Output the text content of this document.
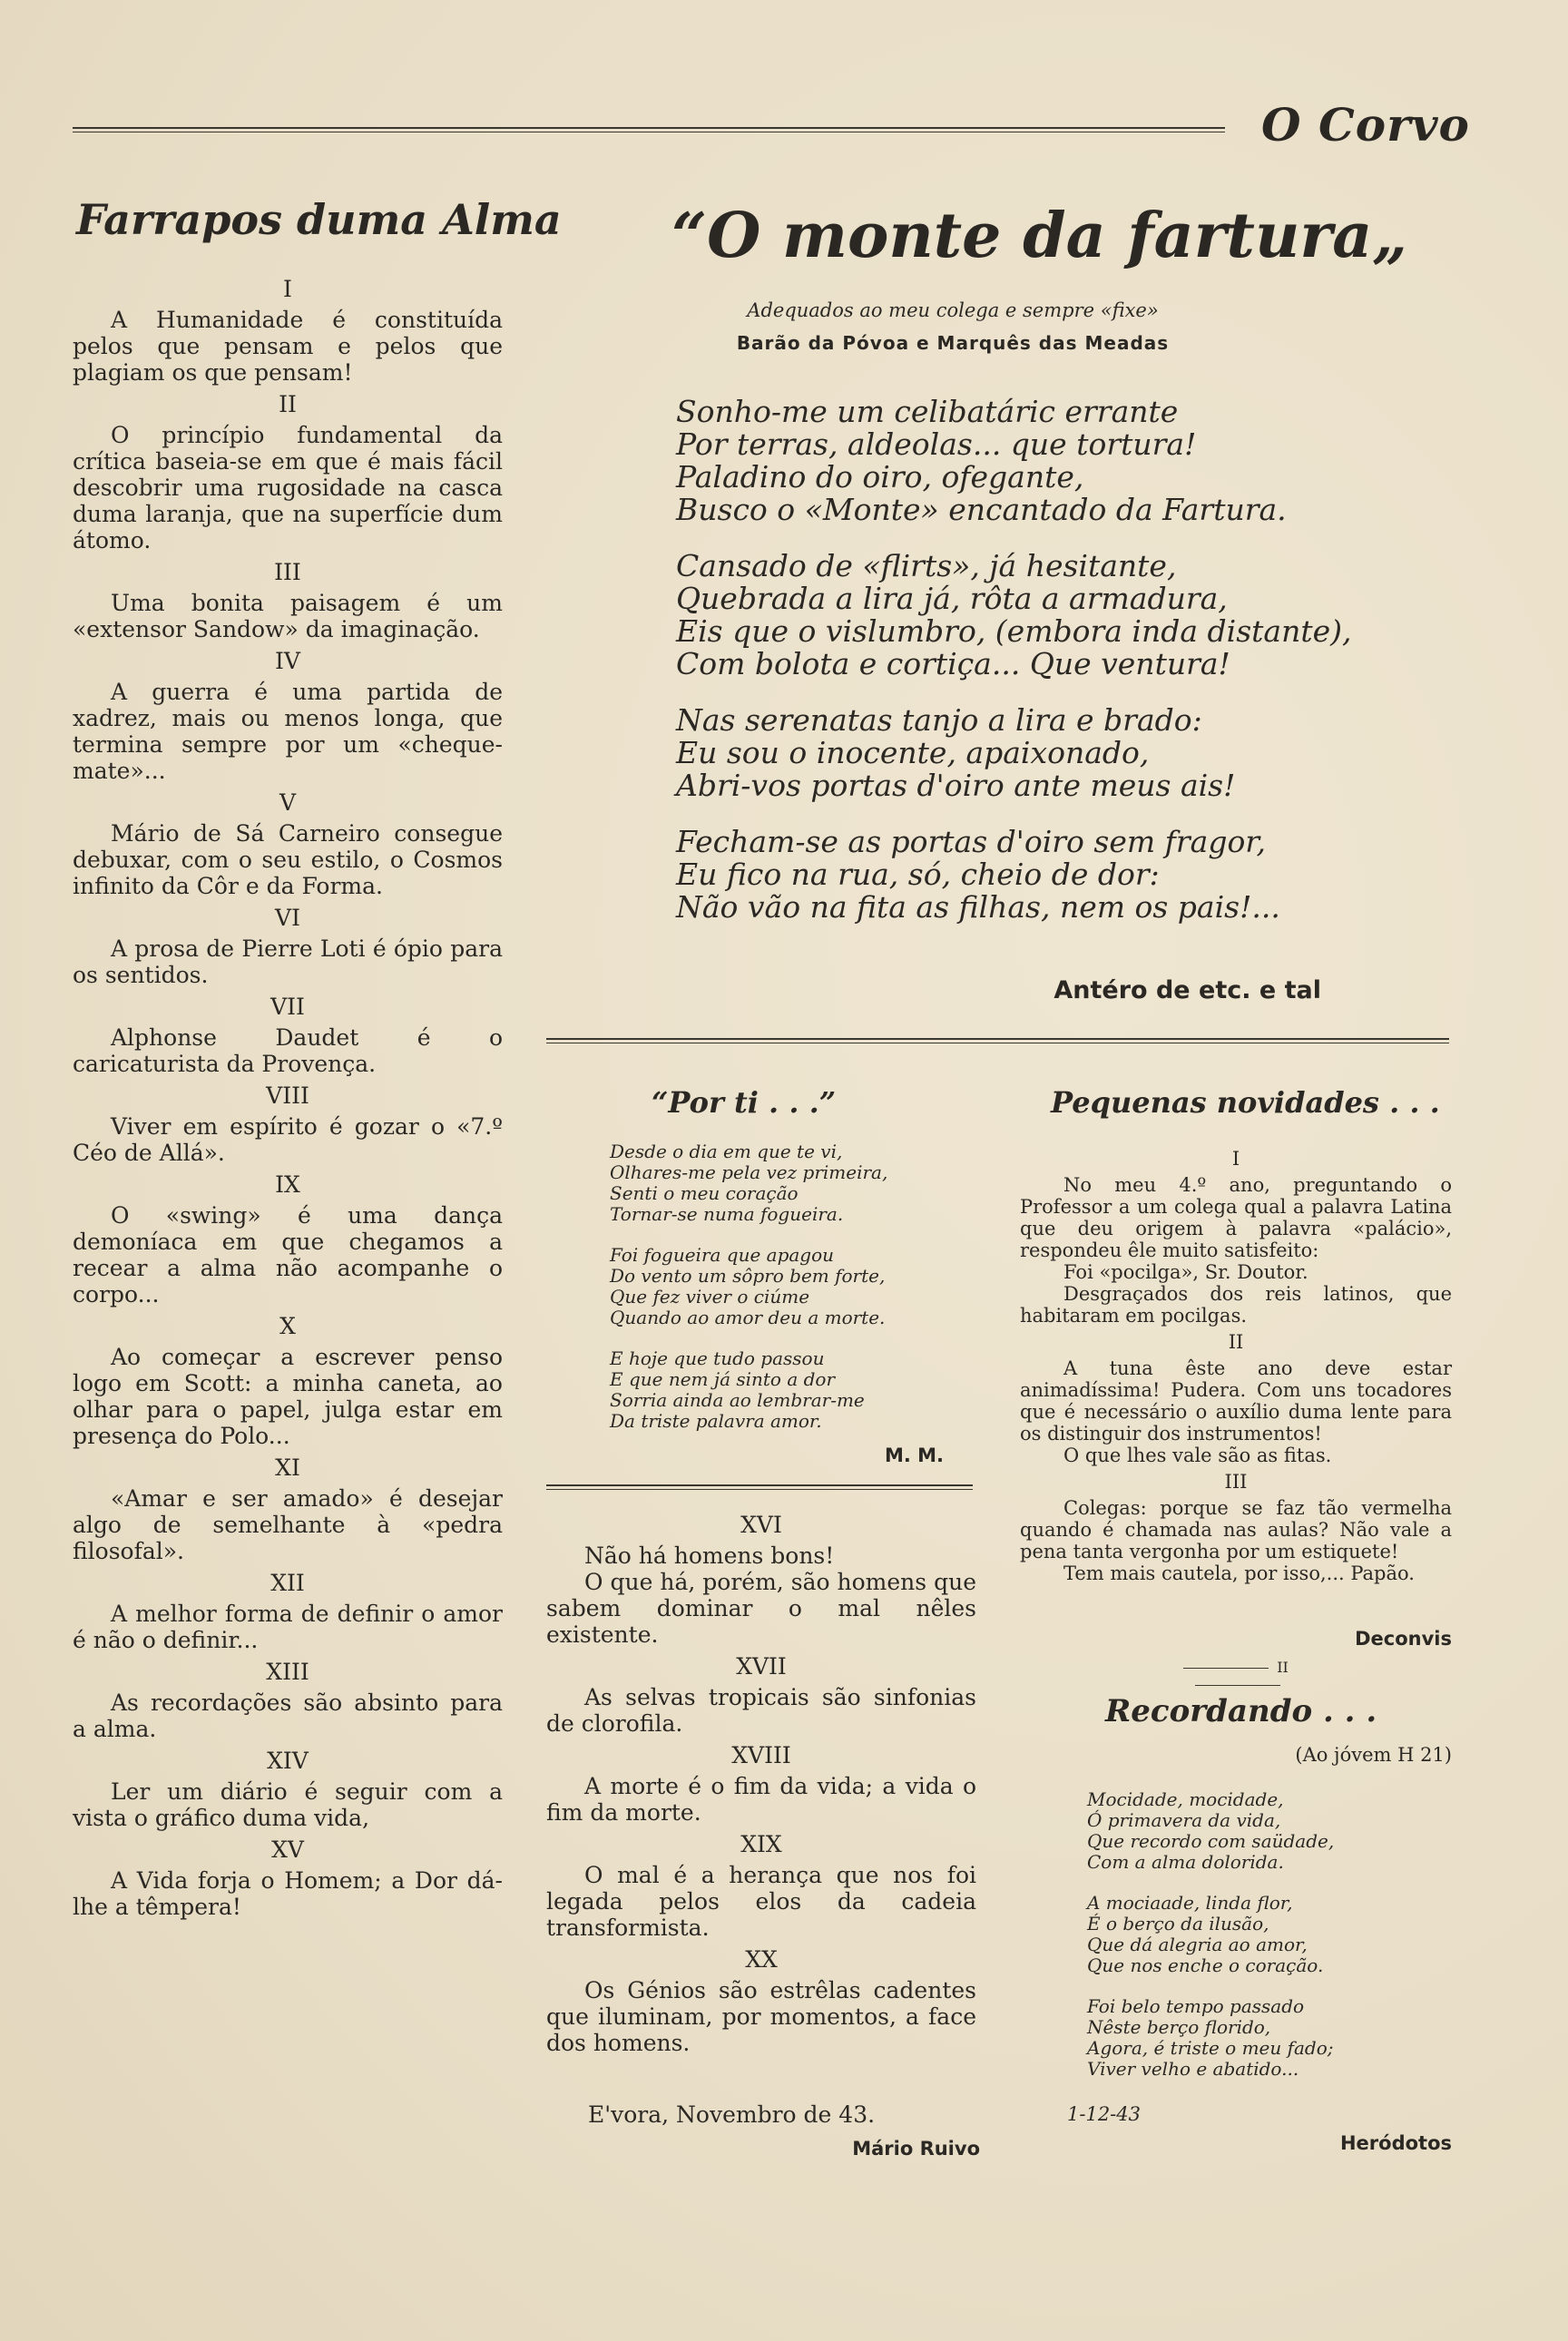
O Corvo
Farrapos duma Alma
I

A Humanidade é constituída pelos que pensam e pelos que plagiam os que pensam!

II

O princípio fundamental da crítica baseia-se em que é mais fácil descobrir uma rugosidade na casca duma laranja, que na superfície dum átomo.

III

Uma bonita paisagem é um «extensor Sandow» da imaginação.

IV

A guerra é uma partida de xadrez, mais ou menos longa, que termina sempre por um «cheque-mate»...

V

Mário de Sá Carneiro consegue debuxar, com o seu estilo, o Cosmos infinito da Côr e da Forma.

VI

A prosa de Pierre Loti é ópio para os sentidos.

VII

Alphonse Daudet é o caricaturista da Provença.

VIII

Viver em espírito é gozar o «7.º Céo de Allá».

IX

O «swing» é uma dança demoníaca em que chegamos a recear a alma não acompanhe o corpo...

X

Ao começar a escrever penso logo em Scott: a minha caneta, ao olhar para o papel, julga estar em presença do Polo...

XI

«Amar e ser amado» é desejar algo de semelhante à «pedra filosofal».

XII

A melhor forma de definir o amor é não o definir...

XIII

As recordações são absinto para a alma.

XIV

Ler um diário é seguir com a vista o gráfico duma vida,

XV

A Vida forja o Homem; a Dor dá-lhe a têmpera!

“O monte da fartura„
Adequados ao meu colega e sempre «fixe»
Barão da Póvoa e Marquês das Meadas
Sonho-me um celibatáric errante
Por terras, aldeolas... que tortura!
Paladino do oiro, ofegante,
Busco o «Monte» encantado da Fartura.
Cansado de «flirts», já hesitante,
Quebrada a lira já, rôta a armadura,
Eis que o vislumbro, (embora inda distante),
Com bolota e cortiça... Que ventura!
Nas serenatas tanjo a lira e brado:
Eu sou o inocente, apaixonado,
Abri-vos portas d'oiro ante meus ais!
Fecham-se as portas d'oiro sem fragor,
Eu fico na rua, só, cheio de dor:
Não vão na fita as filhas, nem os pais!...
Antéro de etc. e tal
“Por ti . . .”
Desde o dia em que te vi,
Olhares-me pela vez primeira,
Senti o meu coração
Tornar-se numa fogueira.
Foi fogueira que apagou
Do vento um sôpro bem forte,
Que fez viver o ciúme
Quando ao amor deu a morte.
E hoje que tudo passou
E que nem já sinto a dor
Sorria ainda ao lembrar-me
Da triste palavra amor.
M. M.
XVI

Não há homens bons!

O que há, porém, são homens que sabem dominar o mal nêles existente.

XVII

As selvas tropicais são sinfonias de clorofila.

XVIII

A morte é o fim da vida; a vida o fim da morte.

XIX

O mal é a herança que nos foi legada pelos elos da cadeia transformista.

XX

Os Génios são estrêlas cadentes que iluminam, por momentos, a face dos homens.

E'vora, Novembro de 43.
Mário Ruivo
Pequenas novidades . . .
I

No meu 4.º ano, preguntando o Professor a um colega qual a palavra Latina que deu origem à palavra «palácio», respondeu êle muito satisfeito:

Foi «pocilga», Sr. Doutor.

Desgraçados dos reis latinos, que habitaram em pocilgas.

II

A tuna êste ano deve estar animadíssima! Pudera. Com uns tocadores que é necessário o auxílio duma lente para os distinguir dos instrumentos!

O que lhes vale são as fitas.

III

Colegas: porque se faz tão vermelha quando é chamada nas aulas? Não vale a pena tanta vergonha por um estiquete!

Tem mais cautela, por isso,... Papão.

Deconvis
II
Recordando . . .
(Ao jóvem H 21)
Mocidade, mocidade,
Ó primavera da vida,
Que recordo com saüdade,
Com a alma dolorida.
A mociaade, linda flor,
É o berço da ilusão,
Que dá alegria ao amor,
Que nos enche o coração.
Foi belo tempo passado
Nêste berço florido,
Agora, é triste o meu fado;
Viver velho e abatido...
1-12-43
Heródotos
